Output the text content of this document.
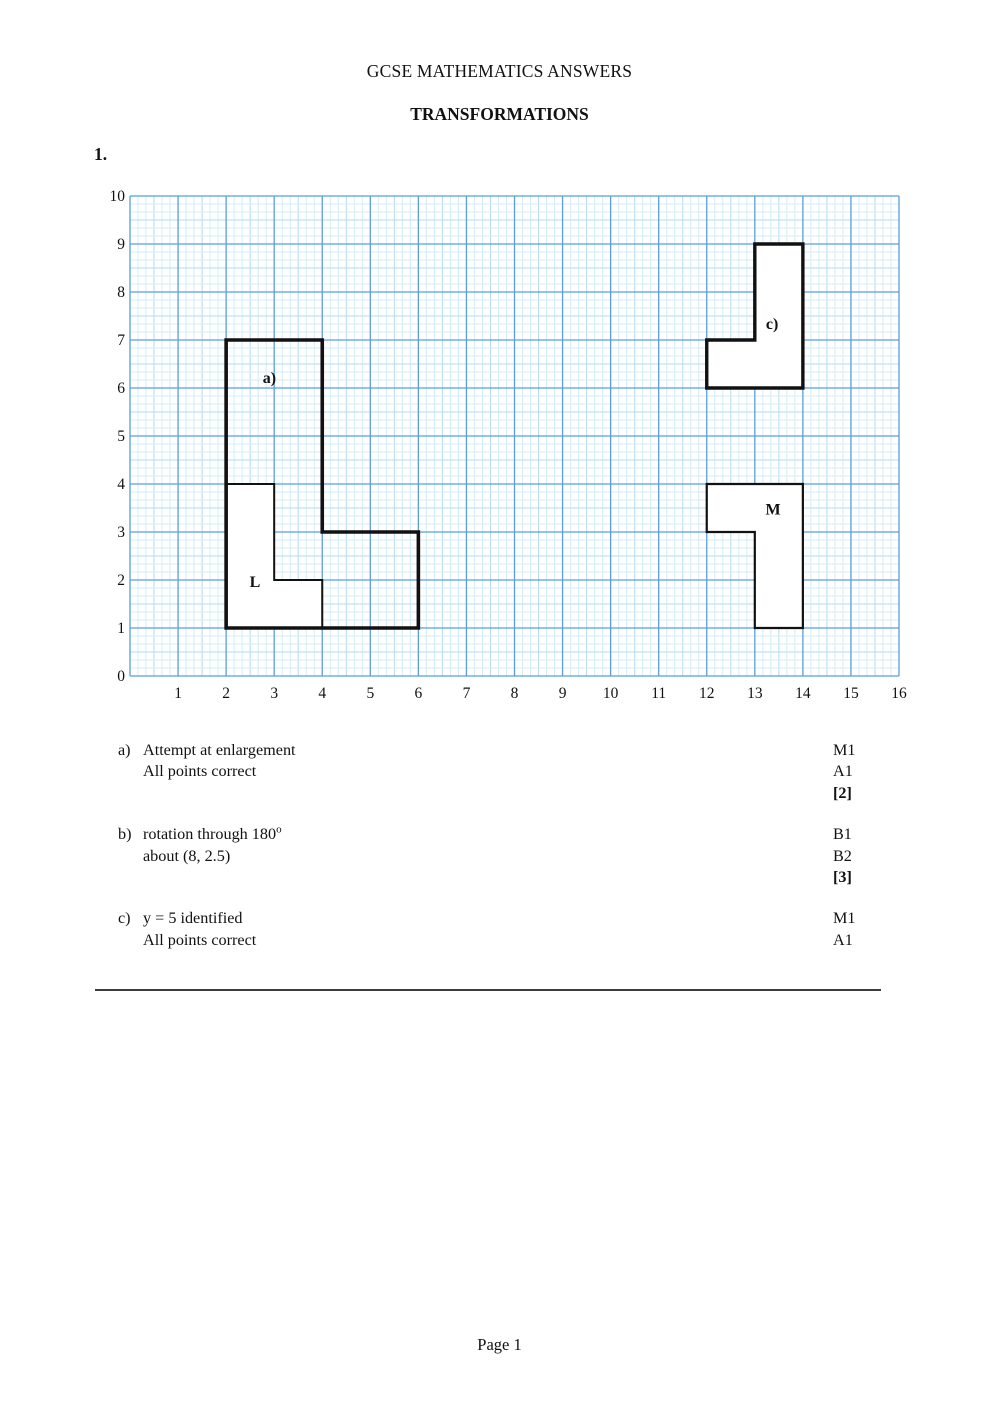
GCSE MATHEMATICS ANSWERS
TRANSFORMATIONS
1.
L
M
c)
a)
1	2	3	4	5	6	7	8	9 10 11 12 13 14 15 16
0
1
2
3
4
5
6
7
8
9
10
a) Attempt at enlargement	M1
All points correct	A1
[2]
b) rotation through 180$^o$	B1
about (8, 2.5)	B2
[3]
c) y = 5 identified	M1
All points correct	A1
Page 1
